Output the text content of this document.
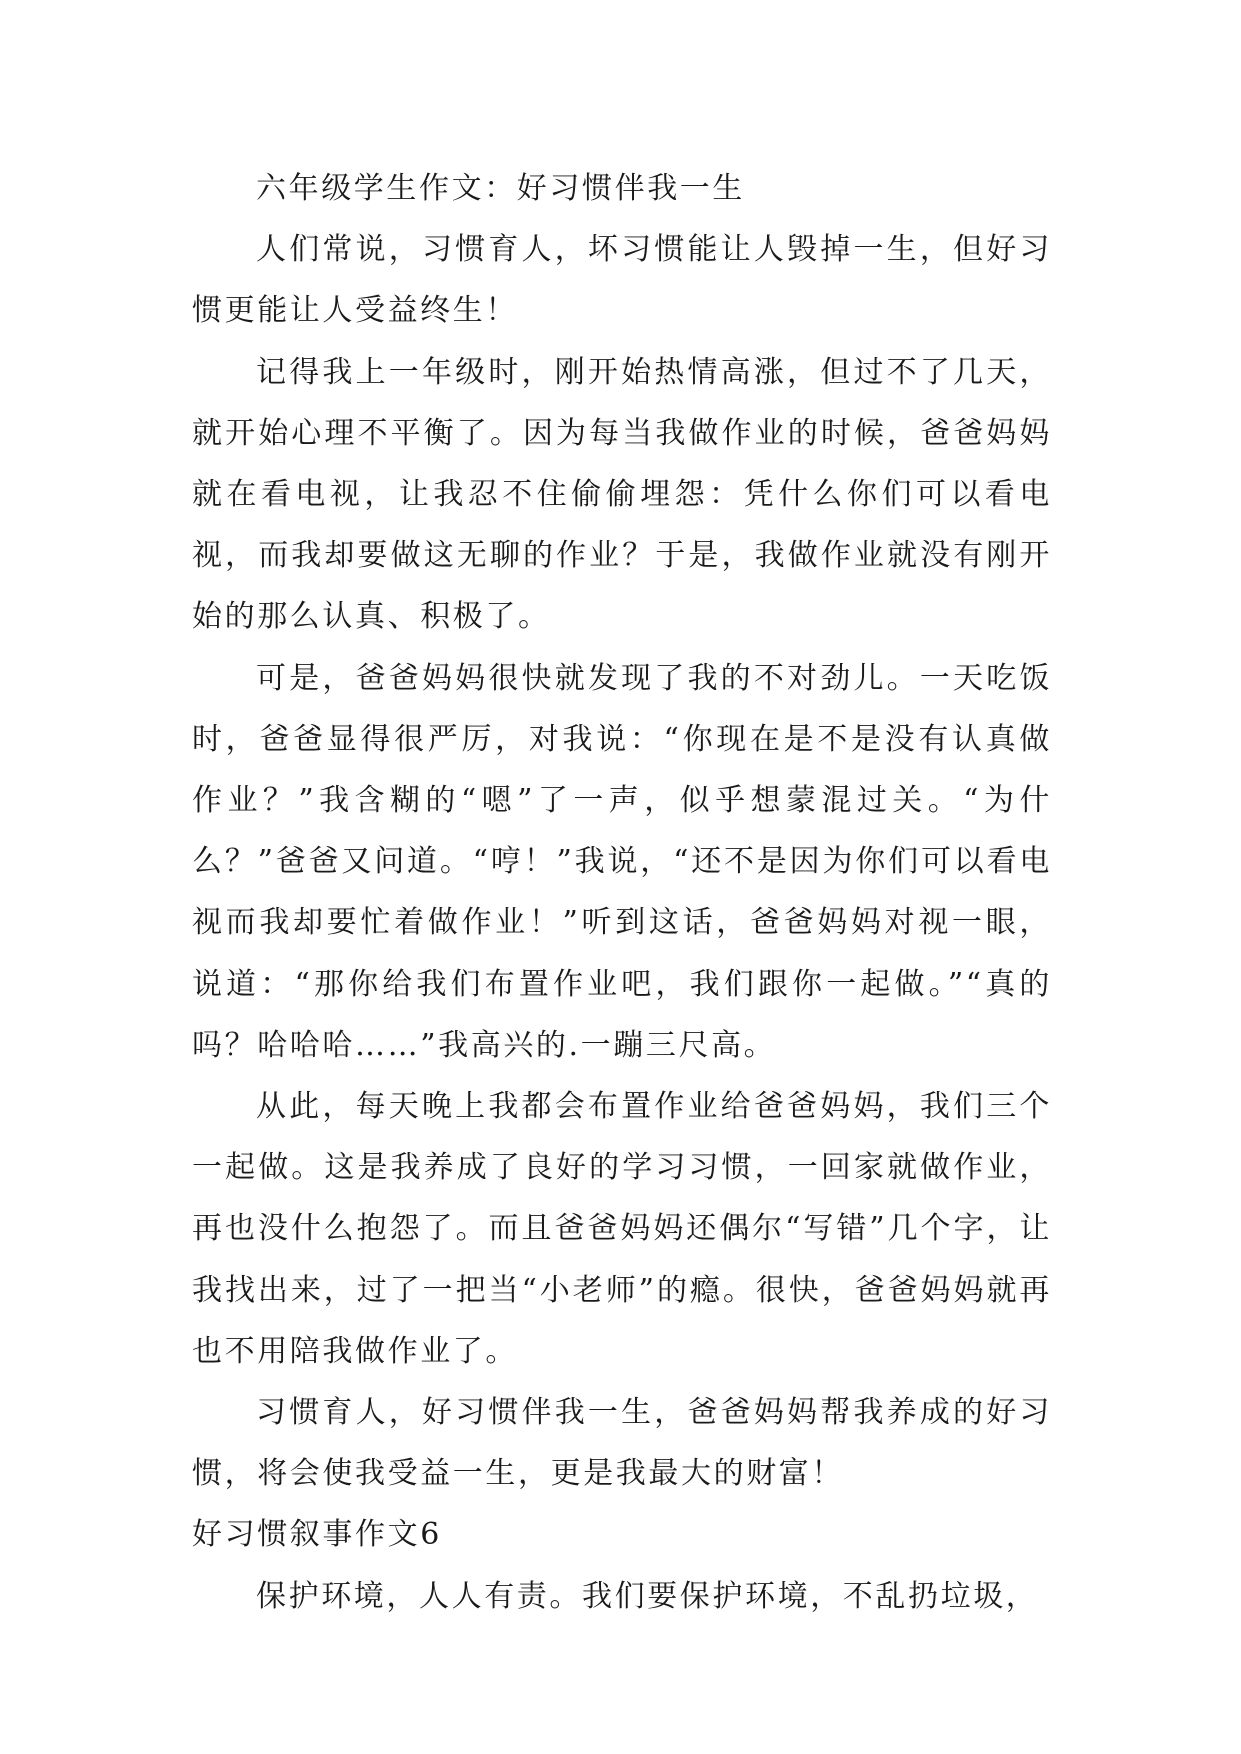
六年级学生作文：好习惯伴我一生

人们常说，习惯育人，坏习惯能让人毁掉一生，但好习惯更能让人受益终生！

记得我上一年级时，刚开始热情高涨，但过不了几天，就开始心理不平衡了。因为每当我做作业的时候，爸爸妈妈就在看电视，让我忍不住偷偷埋怨：凭什么你们可以看电视，而我却要做这无聊的作业？于是，我做作业就没有刚开始的那么认真、积极了。

可是，爸爸妈妈很快就发现了我的不对劲儿。一天吃饭时，爸爸显得很严厉，对我说：“你现在是不是没有认真做作业？”我含糊的“嗯”了一声，似乎想蒙混过关。“为什么？”爸爸又问道。“哼！”我说，“还不是因为你们可以看电视而我却要忙着做作业！”听到这话，爸爸妈妈对视一眼，说道：“那你给我们布置作业吧，我们跟你一起做。”“真的吗？哈哈哈……”我高兴的.一蹦三尺高。

从此，每天晚上我都会布置作业给爸爸妈妈，我们三个一起做。这是我养成了良好的学习习惯，一回家就做作业，再也没什么抱怨了。而且爸爸妈妈还偶尔“写错”几个字，让我找出来，过了一把当“小老师”的瘾。很快，爸爸妈妈就再也不用陪我做作业了。

习惯育人，好习惯伴我一生，爸爸妈妈帮我养成的好习惯，将会使我受益一生，更是我最大的财富！

好习惯叙事作文6

保护环境，人人有责。我们要保护环境，不乱扔垃圾，
